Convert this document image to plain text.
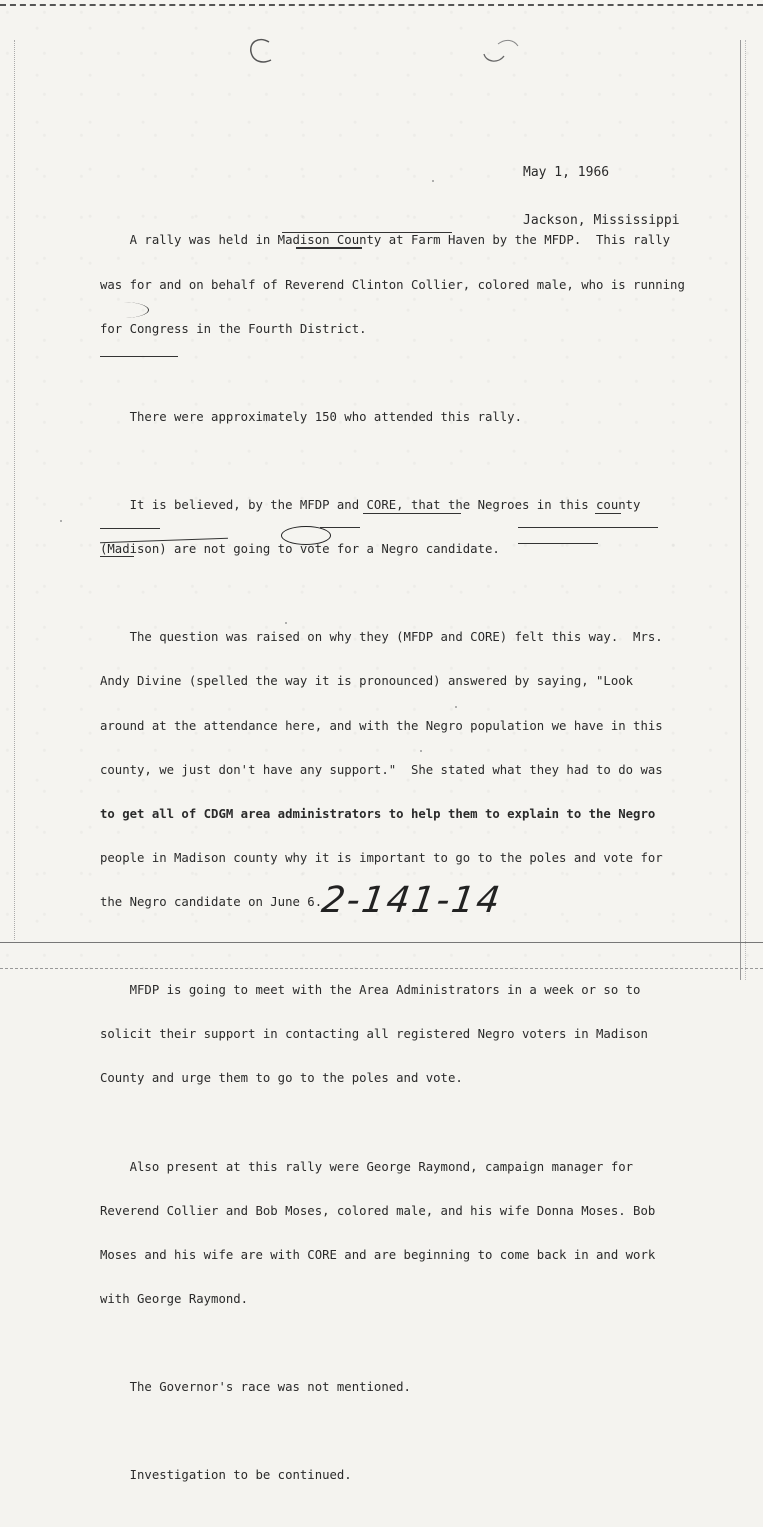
May 1, 1966

Jackson, Mississippi

A rally was held in Madison County at Farm Haven by the MFDP.  This rally

was for and on behalf of Reverend Clinton Collier, colored male, who is running

for Congress in the Fourth District.

There were approximately 150 who attended this rally.

It is believed, by the MFDP and CORE, that the Negroes in this county

(Madison) are not going to vote for a Negro candidate.

The question was raised on why they (MFDP and CORE) felt this way.  Mrs.

Andy Divine (spelled the way it is pronounced) answered by saying, "Look

around at the attendance here, and with the Negro population we have in this

county, we just don't have any support."  She stated what they had to do was

to get all of CDGM area administrators to help them to explain to the Negro

people in Madison county why it is important to go to the poles and vote for

the Negro candidate on June 6.

MFDP is going to meet with the Area Administrators in a week or so to

solicit their support in contacting all registered Negro voters in Madison

County and urge them to go to the poles and vote.

Also present at this rally were George Raymond, campaign manager for

Reverend Collier and Bob Moses, colored male, and his wife Donna Moses. Bob

Moses and his wife are with CORE and are beginning to come back in and work

with George Raymond.

The Governor's race was not mentioned.

Investigation to be continued.

2-141-14
